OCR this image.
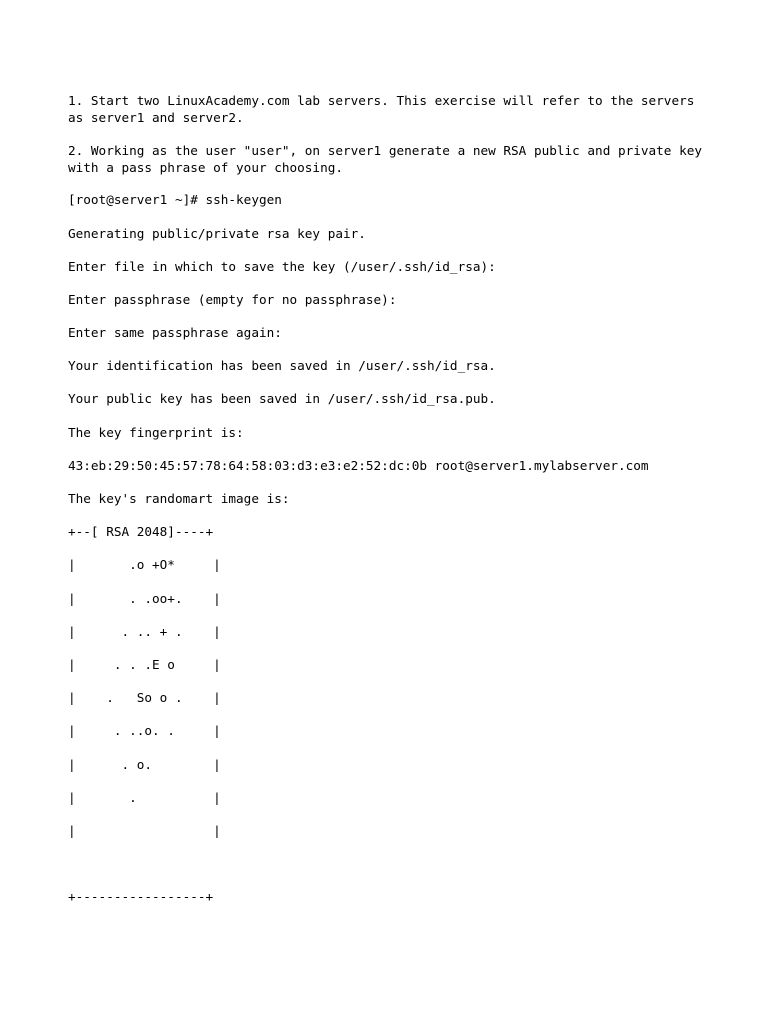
1. Start two LinuxAcademy.com lab servers. This exercise will refer to the servers
as server1 and server2.

2. Working as the user "user", on server1 generate a new RSA public and private key
with a pass phrase of your choosing.

[root@server1 ~]# ssh-keygen

Generating public/private rsa key pair.

Enter file in which to save the key (/user/.ssh/id_rsa):

Enter passphrase (empty for no passphrase):

Enter same passphrase again:

Your identification has been saved in /user/.ssh/id_rsa.

Your public key has been saved in /user/.ssh/id_rsa.pub.

The key fingerprint is:

43:eb:29:50:45:57:78:64:58:03:d3:e3:e2:52:dc:0b root@server1.mylabserver.com

The key's randomart image is:

+--[ RSA 2048]----+

|       .o +O*     |

|       . .oo+.    |

|      . .. + .    |

|     . . .E o     |

|    .   So o .    |

|     . ..o. .     |

|      . o.        |

|       .          |

|                  |

+-----------------+
